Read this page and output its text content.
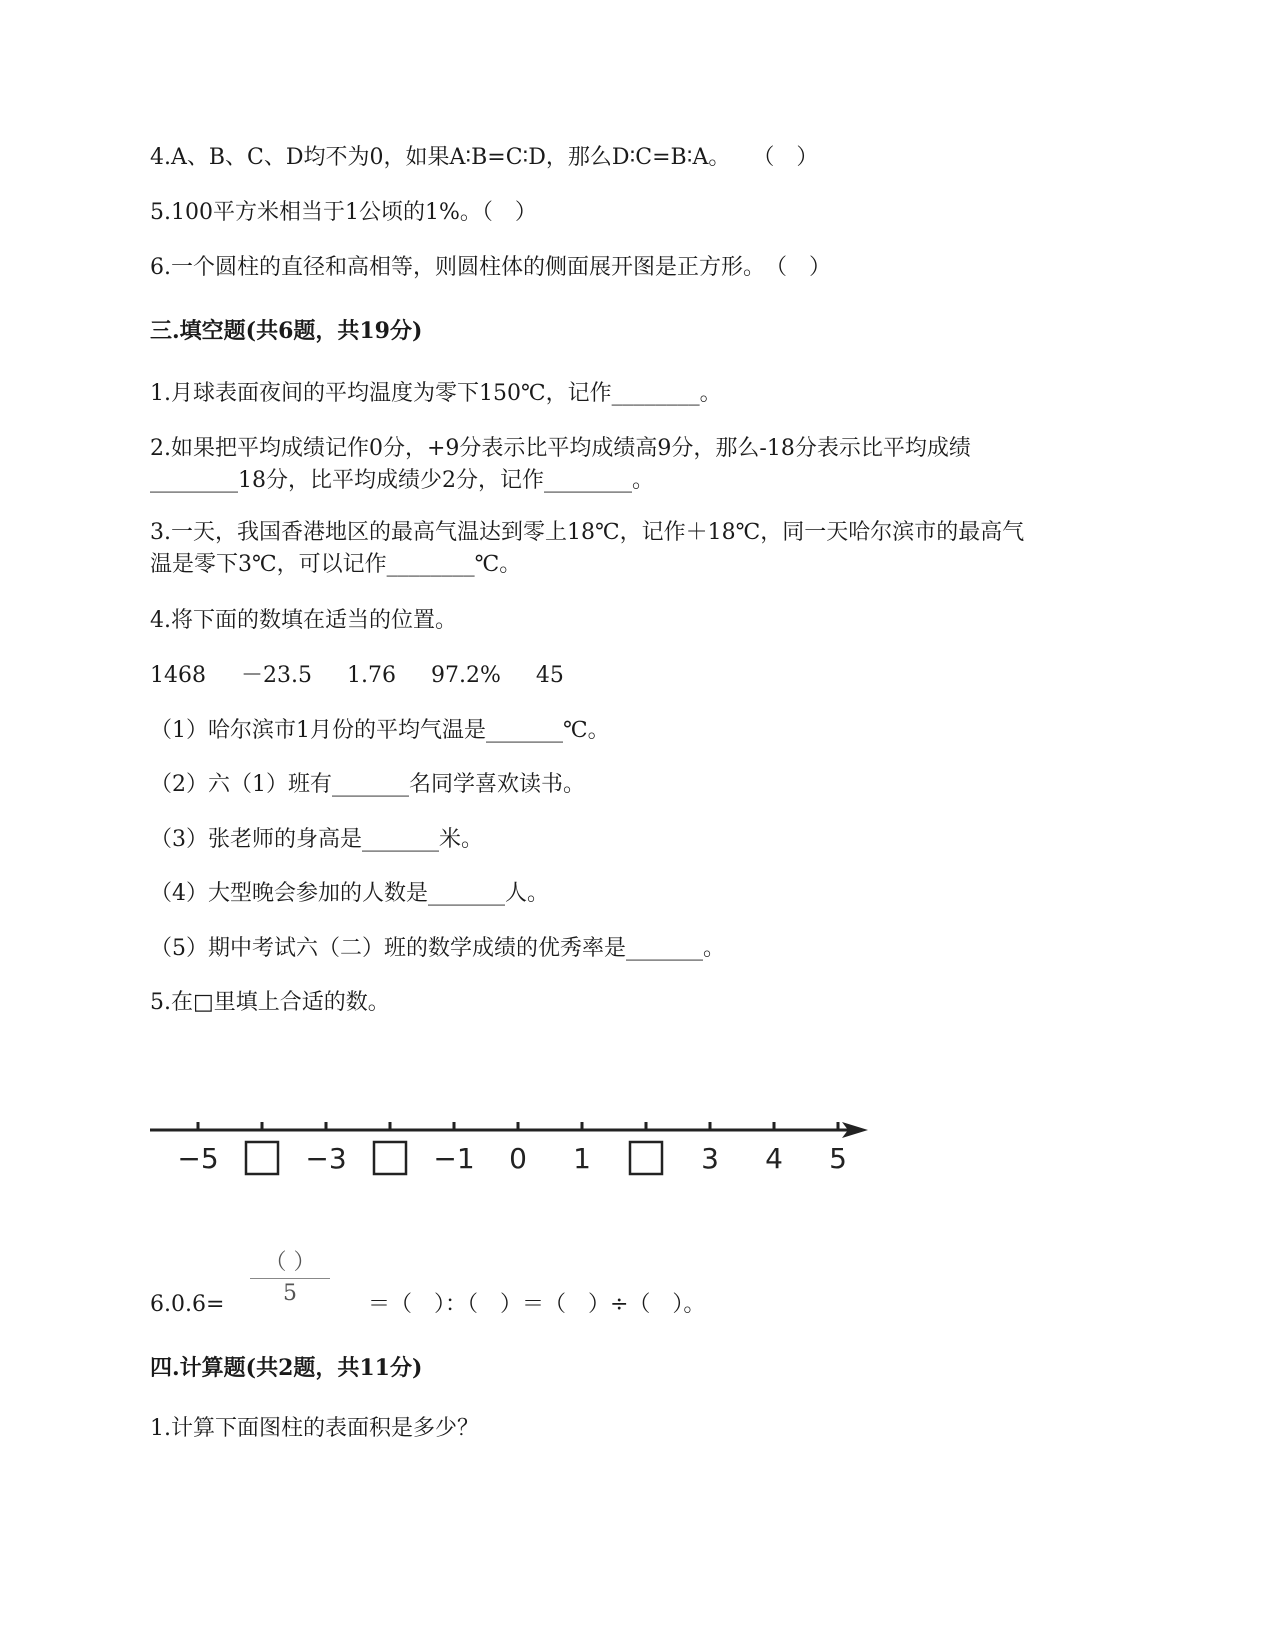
4.A、B、C、D均不为0，如果A∶B=C∶D，那么D∶C=B∶A。　　（　）
5.100平方米相当于1公顷的1%。（　）
6.一个圆柱的直径和高相等，则圆柱体的侧面展开图是正方形。　（　）
三.填空题(共6题，共19分)
1.月球表面夜间的平均温度为零下150℃，记作________。
2.如果把平均成绩记作0分，+9分表示比平均成绩高9分，那么-18分表示比平均成绩
________18分，比平均成绩少2分，记作________。
3.一天，我国香港地区的最高气温达到零上18℃，记作＋18℃，同一天哈尔滨市的最高气
温是零下3℃，可以记作________℃。
4.将下面的数填在适当的位置。
1468 －23.5 1.76 97.2% 45
（1）哈尔滨市1月份的平均气温是_______℃。
（2）六（1）班有_______名同学喜欢读书。
（3）张老师的身高是_______米。
（4）大型晚会参加的人数是_______人。
（5）期中考试六（二）班的数学成绩的优秀率是_______。
5.在□里填上合适的数。
−5	−3	−1 0 1	3 4 5
6.0.6=
（ ）
5	＝（　）：（　）＝（　）÷（　）。
四.计算题(共2题，共11分)
1.计算下面图柱的表面积是多少？
